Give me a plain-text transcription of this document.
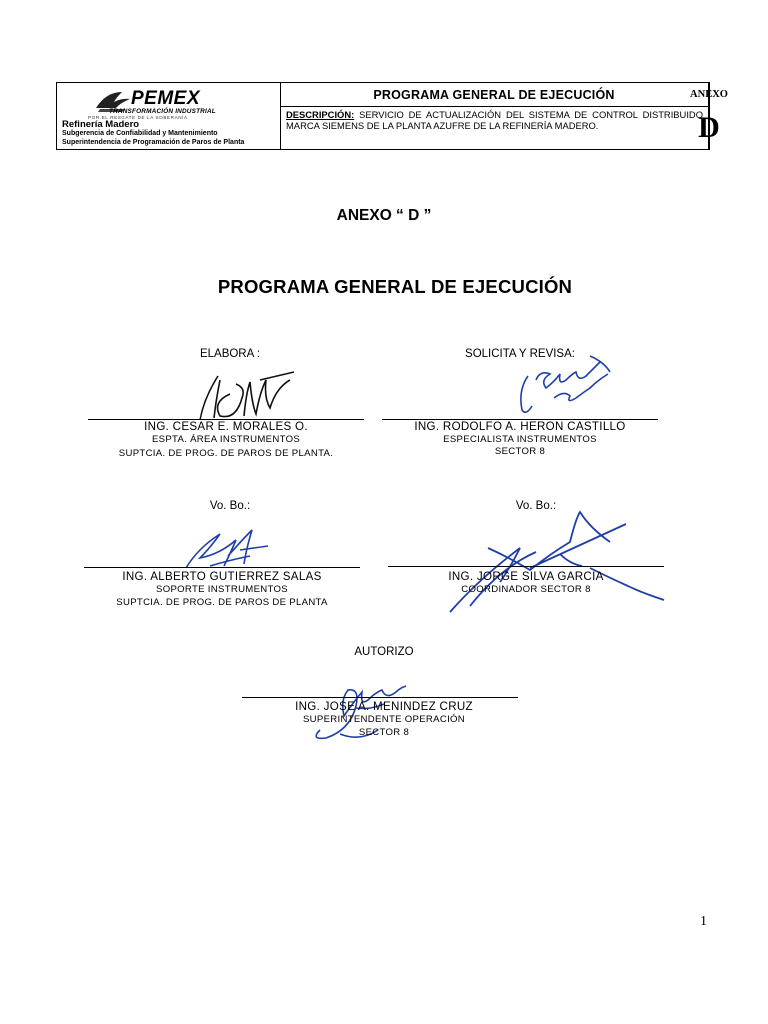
PROGRAMA GENERAL DE EJECUCIÓN
DESCRIPCIÓN: SERVICIO DE ACTUALIZACIÓN DEL SISTEMA DE CONTROL DISTRIBUIDO MARCA SIEMENS DE LA PLANTA AZUFRE DE LA REFINERÍA MADERO.
ANEXO
D
PEMEX
TRANSFORMACIÓN INDUSTRIAL
POR EL RESCATE DE LA SOBERANÍA
Refinería Madero
Subgerencia de Confiabilidad y Mantenimiento
Superintendencia de Programación de Paros de Planta
ANEXO “ D ”
PROGRAMA GENERAL DE EJECUCIÓN
ELABORA :
ING. CESAR E. MORALES O.
ESPTA. ÁREA INSTRUMENTOS
SUPTCIA. DE PROG. DE PAROS DE PLANTA.
SOLICITA Y REVISA:
ING. RODOLFO A. HERON CASTILLO
ESPECIALISTA INSTRUMENTOS
SECTOR 8
Vo. Bo.:
ING. ALBERTO GUTIERREZ SALAS
SOPORTE INSTRUMENTOS
SUPTCIA. DE PROG. DE PAROS DE PLANTA
Vo. Bo.:
ING. JORGE SILVA GARCIA
COORDINADOR SECTOR 8
AUTORIZO
ING. JOSE A. MENINDEZ CRUZ
SUPERINTENDENTE OPERACIÓN
SECTOR 8
1
